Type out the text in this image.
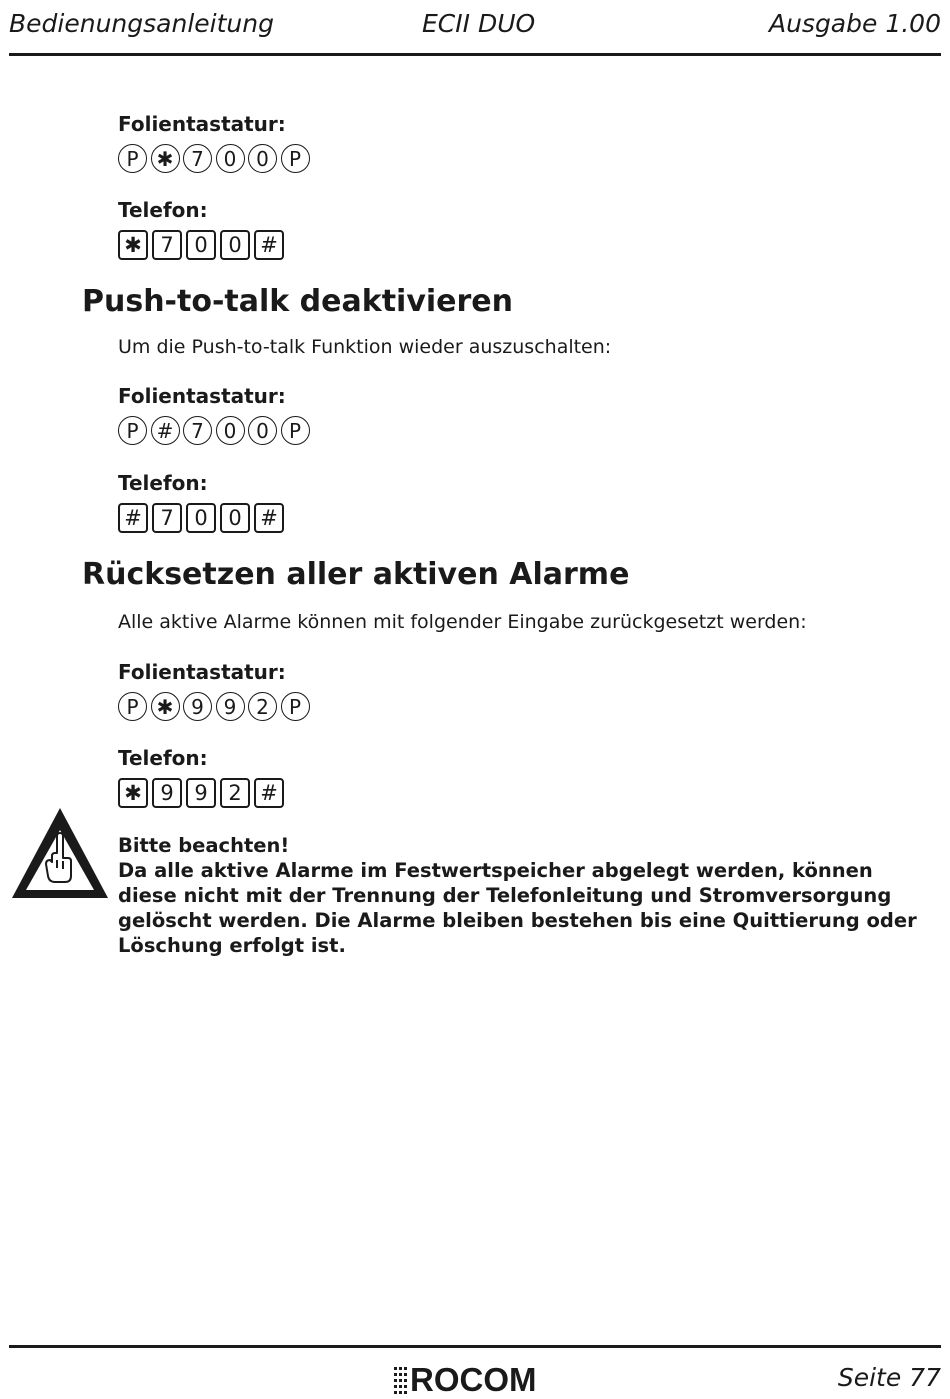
Bedienungsanleitung	ECII DUO	Ausgabe 1.00
Folientastatur:
P ✱ 7 0 0	P
Telefon:
✱ 7 0 0 #
Push-to-talk deaktivieren
Um die Push-to-talk Funktion wieder auszuschalten:
Folientastatur:
P # 7 0 0	P
Telefon:
# 7 0 0 #
Rücksetzen aller aktiven Alarme
Alle aktive Alarme können mit folgender Eingabe zurückgesetzt werden:
Folientastatur:
P ✱ 9 9 2	P
Telefon:
✱ 9 9 2 #
Bitte beachten!
Da alle aktive Alarme im Festwertspeicher abgelegt werden, können diese nicht mit der Trennung der Telefonleitung und Stromversorgung gelöscht werden. Die Alarme bleiben bestehen bis eine Quittierung oder Löschung erfolgt ist.
ROCOM	Seite 77
